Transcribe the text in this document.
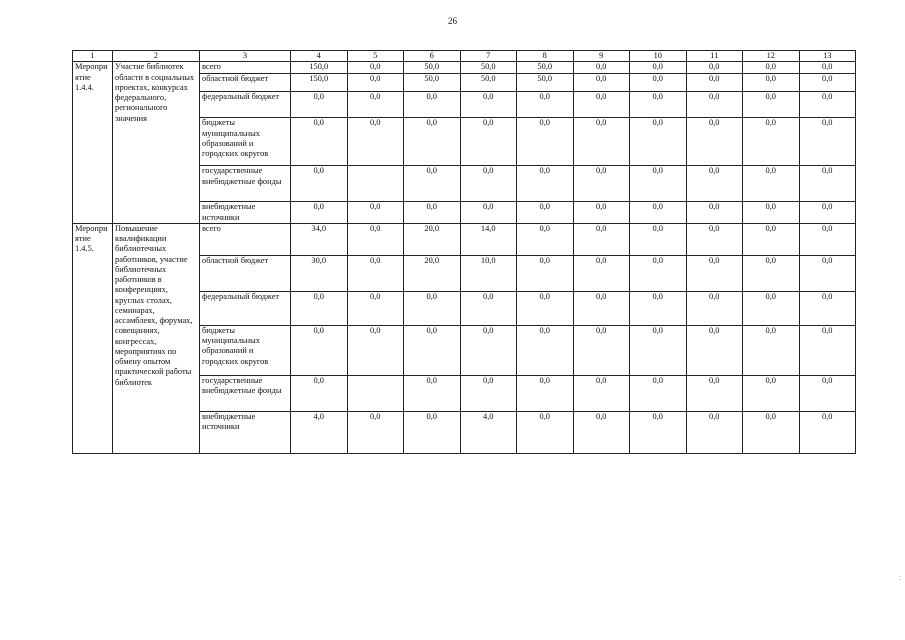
26
1	2	3	4	5	6	7	8	9	10	11	12	13
Мероприятие 1.4.4.	Участие библиотек области в социальных проектах, конкурсах федерального, регионального значения	всего	150,0	0,0	50,0	50,0	50,0	0,0	0,0	0,0	0,0	0,0
		областной бюджет	150,0	0,0	50,0	50,0	50,0	0,0	0,0	0,0	0,0	0,0
		федеральный бюджет	0,0	0,0	0,0	0,0	0,0	0,0	0,0	0,0	0,0	0,0
		бюджеты муниципальных образований и городских округов	0,0	0,0	0,0	0,0	0,0	0,0	0,0	0,0	0,0	0,0
		государственные внебюджетные фонды	0,0		0,0	0,0	0,0	0,0	0,0	0,0	0,0	0,0
		внебюджетные источники	0,0	0,0	0,0	0,0	0,0	0,0	0,0	0,0	0,0	0,0
Мероприятие 1.4.5.	Повышение квалификации библиотечных работников, участие библиотечных работников в конференциях, круглых столах, семинарах, ассамблеях, форумах, совещаниях, конгрессах, мероприятиях по обмену опытом практической работы библиотек	всего	34,0	0,0	20,0	14,0	0,0	0,0	0,0	0,0	0,0	0,0
		областной бюджет	30,0	0,0	20,0	10,0	0,0	0,0	0,0	0,0	0,0	0,0
		федеральный бюджет	0,0	0,0	0,0	0,0	0,0	0,0	0,0	0,0	0,0	0,0
		бюджеты муниципальных образований и городских округов	0,0	0,0	0,0	0,0	0,0	0,0	0,0	0,0	0,0	0,0
		государственные внебюджетные фонды	0,0		0,0	0,0	0,0	0,0	0,0	0,0	0,0	0,0
		внебюджетные источники	4,0	0,0	0,0	4,0	0,0	0,0	0,0	0,0	0,0	0,0
:
